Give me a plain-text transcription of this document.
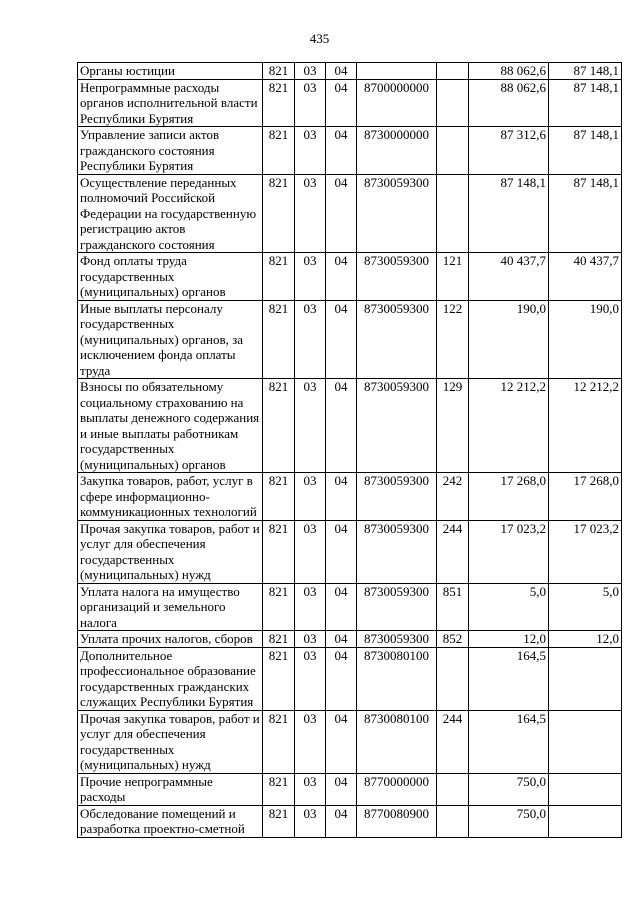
435
Органы юстиции	821	03	04			88 062,6	87 148,1
Непрограммные расходы органов исполнительной власти Республики Бурятия	821	03	04	8700000000		88 062,6	87 148,1
Управление записи актов гражданского состояния Республики Бурятия	821	03	04	8730000000		87 312,6	87 148,1
Осуществление переданных полномочий Российской Федерации на государственную регистрацию актов гражданского состояния	821	03	04	8730059300		87 148,1	87 148,1
Фонд оплаты труда государственных (муниципальных) органов	821	03	04	8730059300	121	40 437,7	40 437,7
Иные выплаты персоналу государственных (муниципальных) органов, за исключением фонда оплаты труда	821	03	04	8730059300	122	190,0	190,0
Взносы по обязательному социальному страхованию на выплаты денежного содержания и иные выплаты работникам государственных (муниципальных) органов	821	03	04	8730059300	129	12 212,2	12 212,2
Закупка товаров, работ, услуг в сфере информационно-коммуникационных технологий	821	03	04	8730059300	242	17 268,0	17 268,0
Прочая закупка товаров, работ и услуг для обеспечения государственных (муниципальных) нужд	821	03	04	8730059300	244	17 023,2	17 023,2
Уплата налога на имущество организаций и земельного налога	821	03	04	8730059300	851	5,0	5,0
Уплата прочих налогов, сборов	821	03	04	8730059300	852	12,0	12,0
Дополнительное профессиональное образование государственных гражданских служащих Республики Бурятия	821	03	04	8730080100		164,5	
Прочая закупка товаров, работ и услуг для обеспечения государственных (муниципальных) нужд	821	03	04	8730080100	244	164,5	
Прочие непрограммные расходы	821	03	04	8770000000		750,0	
Обследование помещений и разработка проектно-сметной	821	03	04	8770080900		750,0	
